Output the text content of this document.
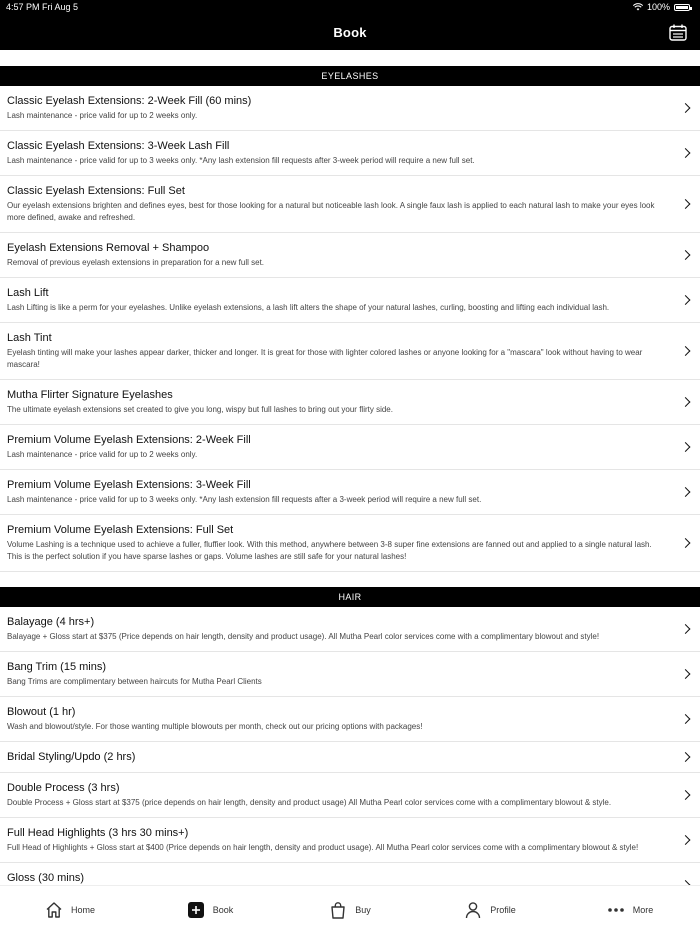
4:57 PM Fri Aug 5	100%
Book
EYELASHES
Classic Eyelash Extensions: 2-Week Fill (60 mins)
Lash maintenance - price valid for up to 2 weeks only.
Classic Eyelash Extensions: 3-Week Lash Fill
Lash maintenance - price valid for up to 3 weeks only. *Any lash extension fill requests after 3-week period will require a new full set.
Classic Eyelash Extensions: Full Set
Our eyelash extensions brighten and defines eyes, best for those looking for a natural but noticeable lash look. A single faux lash is applied to each natural lash to make your eyes look more defined, awake and refreshed.
Eyelash Extensions Removal + Shampoo
Removal of previous eyelash extensions in preparation for a new full set.
Lash Lift
Lash Lifting is like a perm for your eyelashes. Unlike eyelash extensions, a lash lift alters the shape of your natural lashes, curling, boosting and lifting each individual lash.
Lash Tint
Eyelash tinting will make your lashes appear darker, thicker and longer. It is great for those with lighter colored lashes or anyone looking for a "mascara" look without having to wear mascara!
Mutha Flirter Signature Eyelashes
The ultimate eyelash extensions set created to give you long, wispy but full lashes to bring out your flirty side.
Premium Volume Eyelash Extensions: 2-Week Fill
Lash maintenance - price valid for up to 2 weeks only.
Premium Volume Eyelash Extensions: 3-Week Fill
Lash maintenance - price valid for up to 3 weeks only. *Any lash extension fill requests after a 3-week period will require a new full set.
Premium Volume Eyelash Extensions: Full Set
Volume Lashing is a technique used to achieve a fuller, fluffier look. With this method, anywhere between 3-8 super fine extensions are fanned out and applied to a single natural lash. This is the perfect solution if you have sparse lashes or gaps. Volume lashes are still safe for your natural lashes!
HAIR
Balayage (4 hrs+)
Balayage + Gloss start at $375 (Price depends on hair length, density and product usage). All Mutha Pearl color services come with a complimentary blowout and style!
Bang Trim (15 mins)
Bang Trims are complimentary between haircuts for Mutha Pearl Clients
Blowout (1 hr)
Wash and blowout/style. For those wanting multiple blowouts per month, check out our pricing options with packages!
Bridal Styling/Updo (2 hrs)
Double Process (3 hrs)
Double Process + Gloss start at $375 (price depends on hair length, density and product usage) All Mutha Pearl color services come with a complimentary blowout & style.
Full Head Highlights (3 hrs 30 mins+)
Full Head of Highlights + Gloss start at $400 (Price depends on hair length, density and product usage). All Mutha Pearl color services come with a complimentary blowout & style!
Gloss (30 mins)
Home	Book	Buy	Profile	More
